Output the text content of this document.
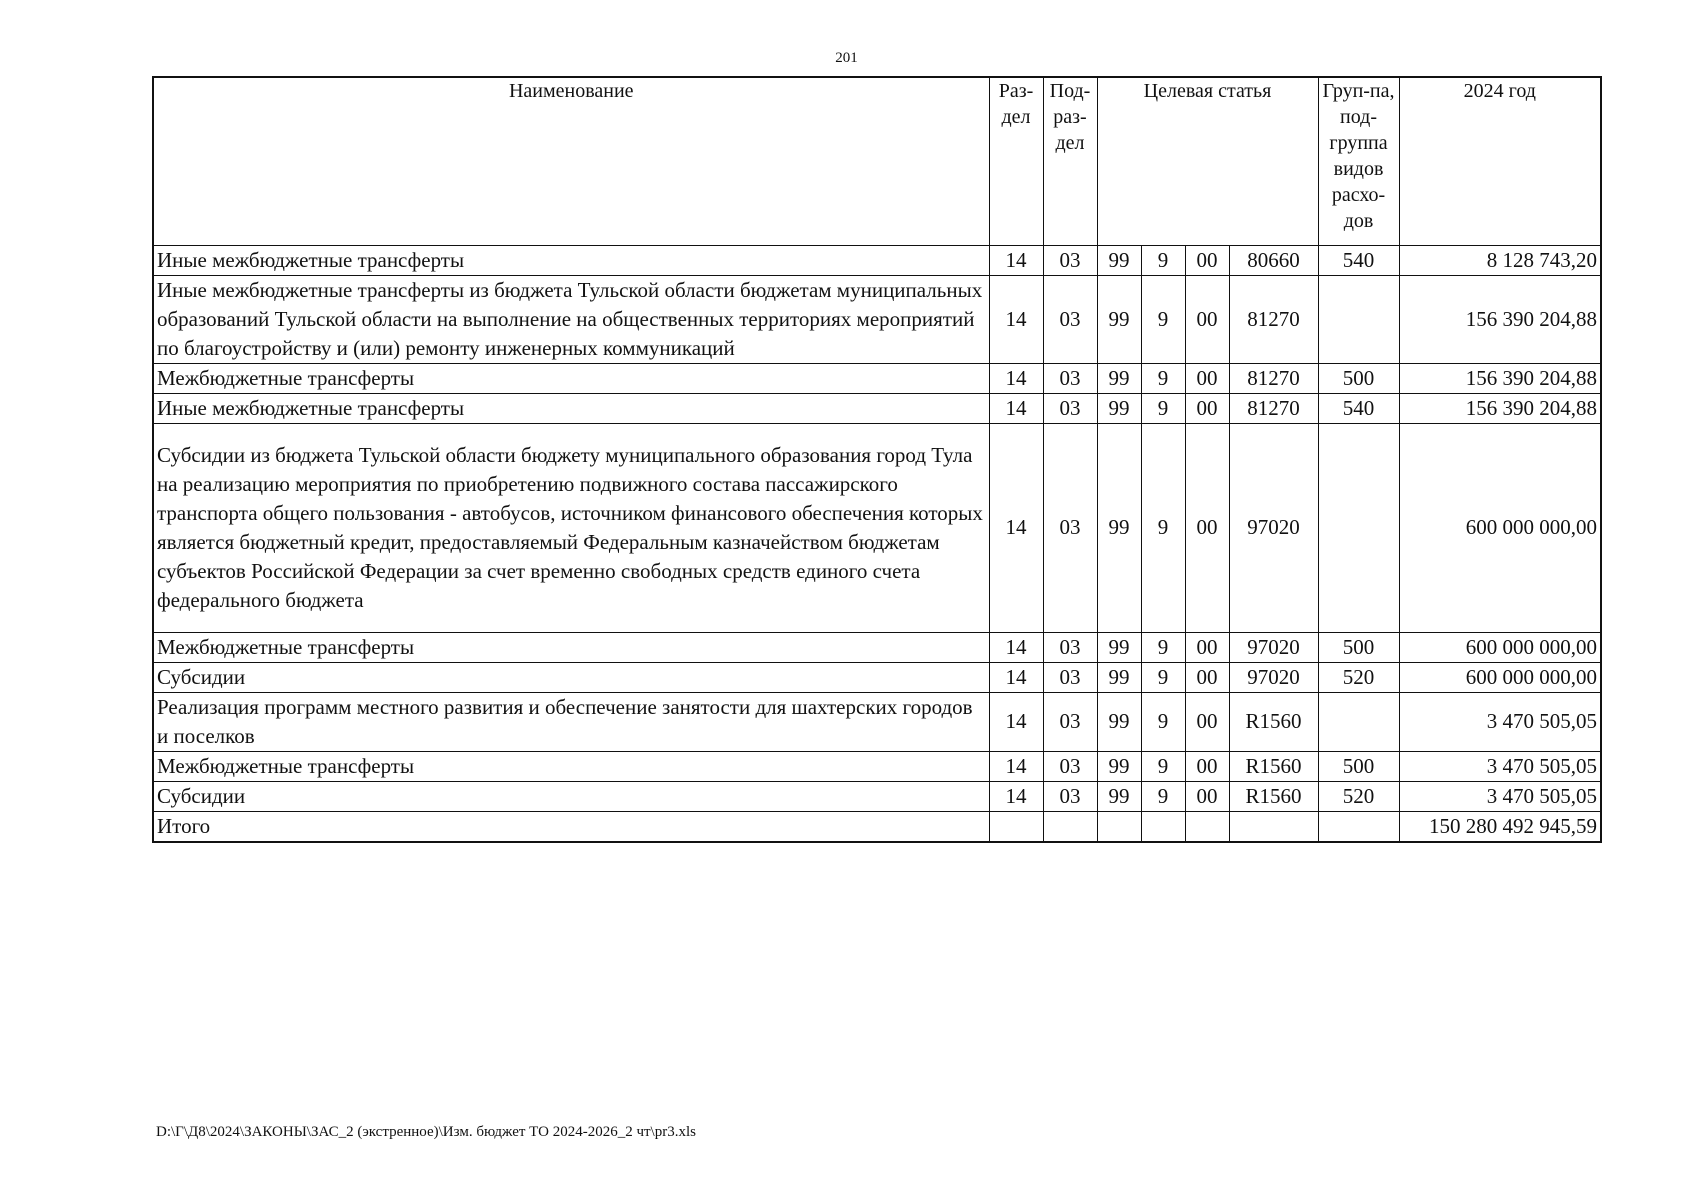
201
Наименование	Раз-дел	Под-раз-дел	Целевая статья				Груп-па, под-группа видов расхо-дов	2024 год
Иные межбюджетные трансферты	14	03	99	9	00	80660	540	8 128 743,20
Иные межбюджетные трансферты из бюджета Тульской области бюджетам муниципальных образований Тульской области на выполнение на общественных территориях мероприятий по благоустройству и (или) ремонту инженерных коммуникаций	14	03	99	9	00	81270		156 390 204,88
Межбюджетные трансферты	14	03	99	9	00	81270	500	156 390 204,88
Иные межбюджетные трансферты	14	03	99	9	00	81270	540	156 390 204,88
Субсидии из бюджета Тульской области бюджету муниципального образования город Тула на реализацию мероприятия по приобретению подвижного состава пассажирского транспорта общего пользования - автобусов, источником финансового обеспечения которых является бюджетный кредит, предоставляемый Федеральным казначейством бюджетам субъектов Российской Федерации за счет временно свободных средств единого счета федерального бюджета	14	03	99	9	00	97020		600 000 000,00
Межбюджетные трансферты	14	03	99	9	00	97020	500	600 000 000,00
Субсидии	14	03	99	9	00	97020	520	600 000 000,00
Реализация программ местного развития и обеспечение занятости для шахтерских городов и поселков	14	03	99	9	00	R1560		3 470 505,05
Межбюджетные трансферты	14	03	99	9	00	R1560	500	3 470 505,05
Субсидии	14	03	99	9	00	R1560	520	3 470 505,05
Итого								150 280 492 945,59
D:\Г\Д8\2024\ЗАКОНЫ\ЗАС_2 (экстренное)\Изм. бюджет ТО 2024-2026_2 чт\pr3.xls
